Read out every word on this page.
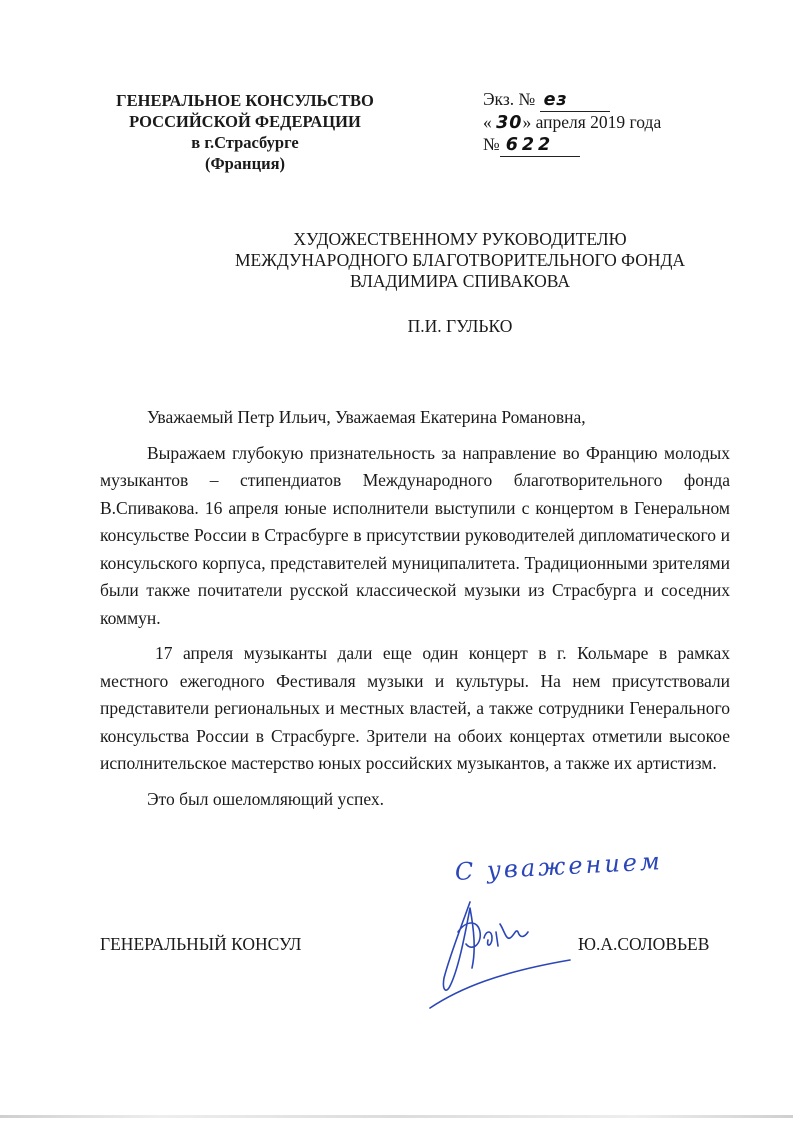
ГЕНЕРАЛЬНОЕ КОНСУЛЬСТВО
РОССИЙСКОЙ ФЕДЕРАЦИИ
в г.Страсбурге
(Франция)
Экз. № ез
« 30» апреля 2019 года
№ 622
ХУДОЖЕСТВЕННОМУ РУКОВОДИТЕЛЮ
МЕЖДУНАРОДНОГО БЛАГОТВОРИТЕЛЬНОГО ФОНДА
ВЛАДИМИРА СПИВАКОВА
П.И. ГУЛЬКО

Уважаемый Петр Ильич, Уважаемая Екатерина Романовна,

Выражаем глубокую признательность за направление во Францию молодых музыкантов – стипендиатов Международного благотворительного фонда В.Спивакова. 16 апреля юные исполнители выступили с концертом в Генеральном консульстве России в Страсбурге в присутствии руководителей дипломатического и консульского корпуса, представителей муниципалитета. Традиционными зрителями были также почитатели русской классической музыки из Страсбурга и соседних коммун.

17 апреля музыканты дали еще один концерт в г. Кольмаре в рамках местного ежегодного Фестиваля музыки и культуры. На нем присутствовали представители региональных и местных властей, а также сотрудники Генерального консульства России в Страсбурге. Зрители на обоих концертах отметили высокое исполнительское мастерство юных российских музыкантов, а также их артистизм.

Это был ошеломляющий успех.

С уважением
ГЕНЕРАЛЬНЫЙ КОНСУЛ	Ю.А.СОЛОВЬЕВ
